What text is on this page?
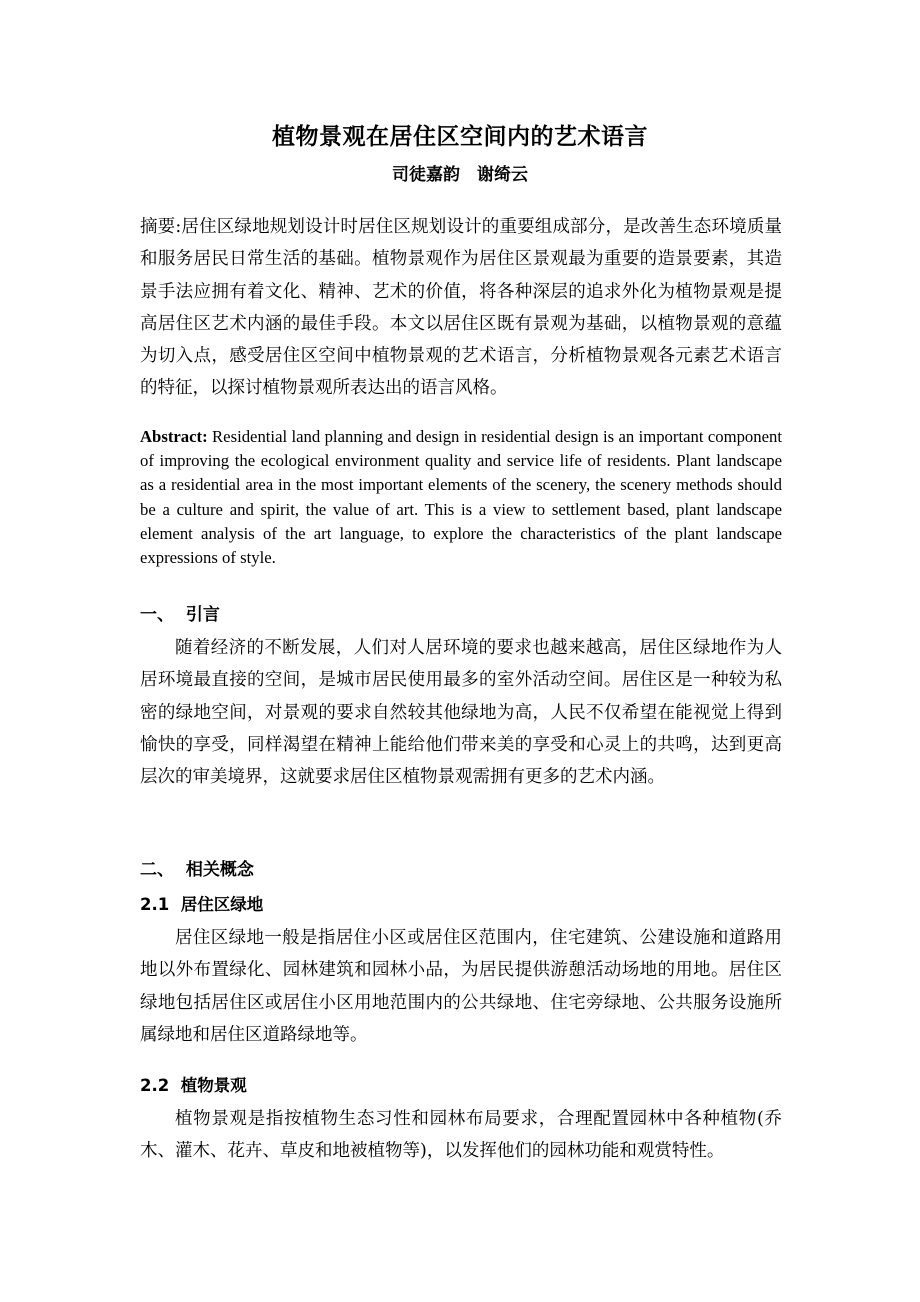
植物景观在居住区空间内的艺术语言
司徒嘉韵　谢绮云
摘要:居住区绿地规划设计时居住区规划设计的重要组成部分，是改善生态环境质量和服务居民日常生活的基础。植物景观作为居住区景观最为重要的造景要素，其造景手法应拥有着文化、精神、艺术的价值，将各种深层的追求外化为植物景观是提高居住区艺术内涵的最佳手段。本文以居住区既有景观为基础，以植物景观的意蕴为切入点，感受居住区空间中植物景观的艺术语言，分析植物景观各元素艺术语言的特征，以探讨植物景观所表达出的语言风格。
Abstract: Residential land planning and design in residential design is an important component of improving the ecological environment quality and service life of residents. Plant landscape as a residential area in the most important elements of the scenery, the scenery methods should be a culture and spirit, the value of art. This is a view to settlement based, plant landscape element analysis of the art language, to explore the characteristics of the plant landscape expressions of style.
一、  引言
随着经济的不断发展，人们对人居环境的要求也越来越高，居住区绿地作为人居环境最直接的空间，是城市居民使用最多的室外活动空间。居住区是一种较为私密的绿地空间，对景观的要求自然较其他绿地为高，人民不仅希望在能视觉上得到愉快的享受，同样渴望在精神上能给他们带来美的享受和心灵上的共鸣，达到更高层次的审美境界，这就要求居住区植物景观需拥有更多的艺术内涵。
二、  相关概念
2.1  居住区绿地
居住区绿地一般是指居住小区或居住区范围内，住宅建筑、公建设施和道路用地以外布置绿化、园林建筑和园林小品，为居民提供游憩活动场地的用地。居住区绿地包括居住区或居住小区用地范围内的公共绿地、住宅旁绿地、公共服务设施所属绿地和居住区道路绿地等。
2.2  植物景观
植物景观是指按植物生态习性和园林布局要求，合理配置园林中各种植物(乔木、灌木、花卉、草皮和地被植物等)，以发挥他们的园林功能和观赏特性。
